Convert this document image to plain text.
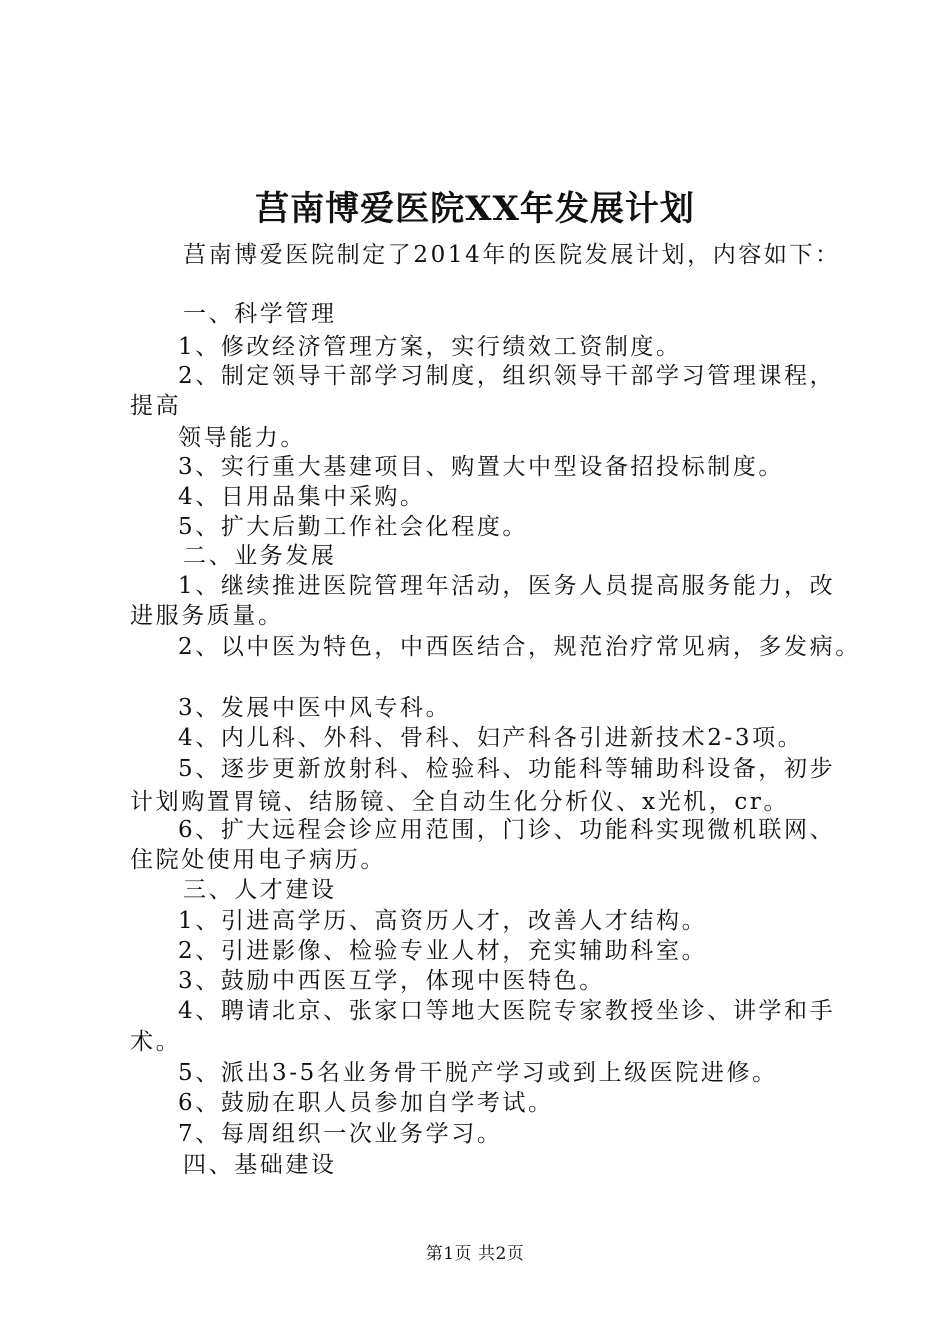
莒南博爱医院XX年发展计划
莒南博爱医院制定了2014年的医院发展计划，内容如下：
一、科学管理
1、修改经济管理方案，实行绩效工资制度。
2、制定领导干部学习制度，组织领导干部学习管理课程，
提高
领导能力。
3、实行重大基建项目、购置大中型设备招投标制度。
4、日用品集中采购。
5、扩大后勤工作社会化程度。
二、业务发展
1、继续推进医院管理年活动，医务人员提高服务能力，改
进服务质量。
2、以中医为特色，中西医结合，规范治疗常见病，多发病。
3、发展中医中风专科。
4、内儿科、外科、骨科、妇产科各引进新技术2-3项。
5、逐步更新放射科、检验科、功能科等辅助科设备，初步
计划购置胃镜、结肠镜、全自动生化分析仪、x光机，cr。
6、扩大远程会诊应用范围，门诊、功能科实现微机联网、
住院处使用电子病历。
三、人才建设
1、引进高学历、高资历人才，改善人才结构。
2、引进影像、检验专业人材，充实辅助科室。
3、鼓励中西医互学，体现中医特色。
4、聘请北京、张家口等地大医院专家教授坐诊、讲学和手
术。
5、派出3-5名业务骨干脱产学习或到上级医院进修。
6、鼓励在职人员参加自学考试。
7、每周组织一次业务学习。
四、基础建设
第1页 共2页
